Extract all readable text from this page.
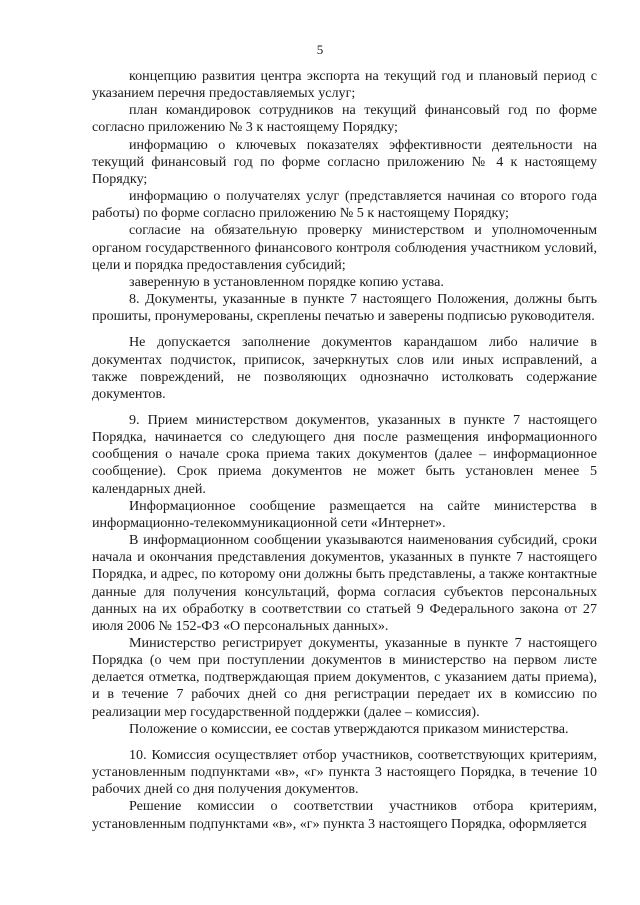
5

концепцию развития центра экспорта на текущий год и плановый период с указанием перечня предоставляемых услуг;

план командировок сотрудников на текущий финансовый год по форме согласно приложению № 3 к настоящему Порядку;

информацию о ключевых показателях эффективности деятельности на текущий финансовый год по форме согласно приложению № 4 к настоящему Порядку;

информацию о получателях услуг (представляется начиная со второго года работы) по форме согласно приложению № 5 к настоящему Порядку;

согласие на обязательную проверку министерством и уполномоченным органом государственного финансового контроля соблюдения участником условий, цели и порядка предоставления субсидий;

заверенную в установленном порядке копию устава.

8. Документы, указанные в пункте 7 настоящего Положения, должны быть прошиты, пронумерованы, скреплены печатью и заверены подписью руководителя.

Не допускается заполнение документов карандашом либо наличие в документах подчисток, приписок, зачеркнутых слов или иных исправлений, а также повреждений, не позволяющих однозначно истолковать содержание документов.

9. Прием министерством документов, указанных в пункте 7 настоящего Порядка, начинается со следующего дня после размещения информационного сообщения о начале срока приема таких документов (далее – информационное сообщение). Срок приема документов не может быть установлен менее 5 календарных дней.

Информационное сообщение размещается на сайте министерства в информационно-телекоммуникационной сети «Интернет».

В информационном сообщении указываются наименования субсидий, сроки начала и окончания представления документов, указанных в пункте 7 настоящего Порядка, и адрес, по которому они должны быть представлены, а также контактные данные для получения консультаций, форма согласия субъектов персональных данных на их обработку в соответствии со статьей 9 Федерального закона от 27 июля 2006 № 152-ФЗ «О персональных данных».

Министерство регистрирует документы, указанные в пункте 7 настоящего Порядка (о чем при поступлении документов в министерство на первом листе делается отметка, подтверждающая прием документов, с указанием даты приема), и в течение 7 рабочих дней со дня регистрации передает их в комиссию по реализации мер государственной поддержки (далее – комиссия).

Положение о комиссии, ее состав утверждаются приказом министерства.

10. Комиссия осуществляет отбор участников, соответствующих критериям, установленным подпунктами «в», «г» пункта 3 настоящего Порядка, в течение 10 рабочих дней со дня получения документов.

Решение комиссии о соответствии участников отбора критериям, установленным подпунктами «в», «г» пункта 3 настоящего Порядка, оформляется
